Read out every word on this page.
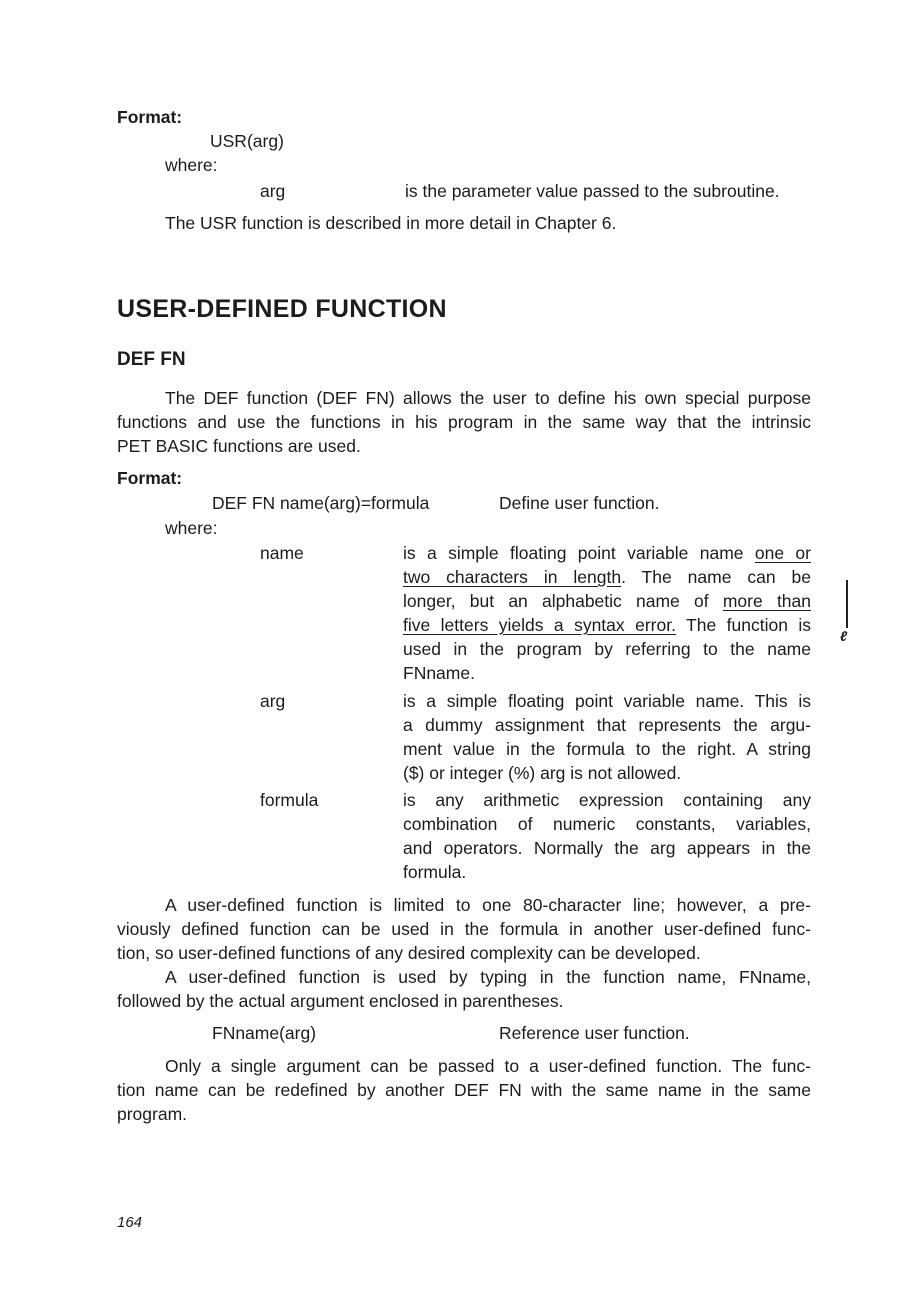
Format:
USR(arg)
where:
arg	is the parameter value passed to the subroutine.
The USR function is described in more detail in Chapter 6.
USER-DEFINED FUNCTION
DEF FN
The DEF function (DEF FN) allows the user to define his own special purpose
functions and use the functions in his program in the same way that the intrinsic
PET BASIC functions are used.
Format:
DEF FN name(arg)=formula	Define user function.
where:
name	is a simple floating point variable name one or
two characters in length. The name can be
longer, but an alphabetic name of more than
five letters yields a syntax error. The function is
used in the program by referring to the name
FNname.
arg	is a simple floating point variable name. This is
a dummy assignment that represents the argu-
ment value in the formula to the right. A string
($) or integer (%) arg is not allowed.
formula	is any arithmetic expression containing any
combination of numeric constants, variables,
and operators. Normally the arg appears in the
formula.
A user-defined function is limited to one 80-character line; however, a pre-
viously defined function can be used in the formula in another user-defined func-
tion, so user-defined functions of any desired complexity can be developed.
A user-defined function is used by typing in the function name, FNname,
followed by the actual argument enclosed in parentheses.
FNname(arg)	Reference user function.
Only a single argument can be passed to a user-defined function. The func-
tion name can be redefined by another DEF FN with the same name in the same
program.
ℓ
164
